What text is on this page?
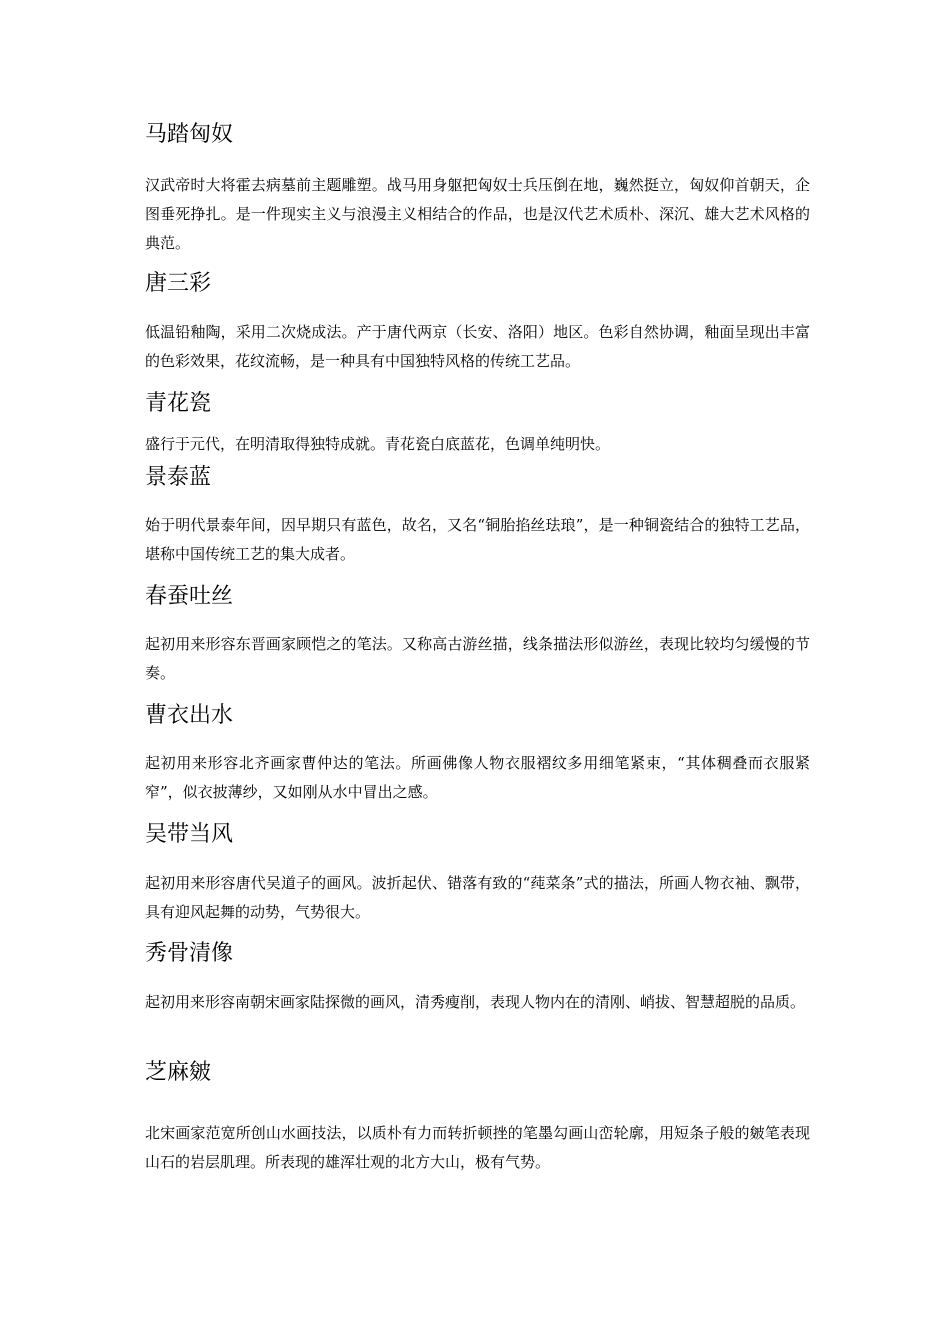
马踏匈奴

汉武帝时大将霍去病墓前主题雕塑。战马用身躯把匈奴士兵压倒在地，巍然挺立，匈奴仰首朝天，企图垂死挣扎。是一件现实主义与浪漫主义相结合的作品，也是汉代艺术质朴、深沉、雄大艺术风格的典范。

唐三彩

低温铅釉陶，采用二次烧成法。产于唐代两京（长安、洛阳）地区。色彩自然协调，釉面呈现出丰富的色彩效果，花纹流畅，是一种具有中国独特风格的传统工艺品。

青花瓷

盛行于元代，在明清取得独特成就。青花瓷白底蓝花，色调单纯明快。

景泰蓝

始于明代景泰年间，因早期只有蓝色，故名，又名“铜胎掐丝珐琅”，是一种铜瓷结合的独特工艺品，堪称中国传统工艺的集大成者。

春蚕吐丝

起初用来形容东晋画家顾恺之的笔法。又称高古游丝描，线条描法形似游丝，表现比较均匀缓慢的节奏。

曹衣出水

起初用来形容北齐画家曹仲达的笔法。所画佛像人物衣服褶纹多用细笔紧束，“其体稠叠而衣服紧窄”，似衣披薄纱，又如刚从水中冒出之感。

吴带当风

起初用来形容唐代吴道子的画风。波折起伏、错落有致的“莼菜条”式的描法，所画人物衣袖、飘带，具有迎风起舞的动势，气势很大。

秀骨清像

起初用来形容南朝宋画家陆探微的画风，清秀瘦削，表现人物内在的清刚、峭拔、智慧超脱的品质。

芝麻皴

北宋画家范宽所创山水画技法，以质朴有力而转折顿挫的笔墨勾画山峦轮廓，用短条子般的皴笔表现山石的岩层肌理。所表现的雄浑壮观的北方大山，极有气势。
